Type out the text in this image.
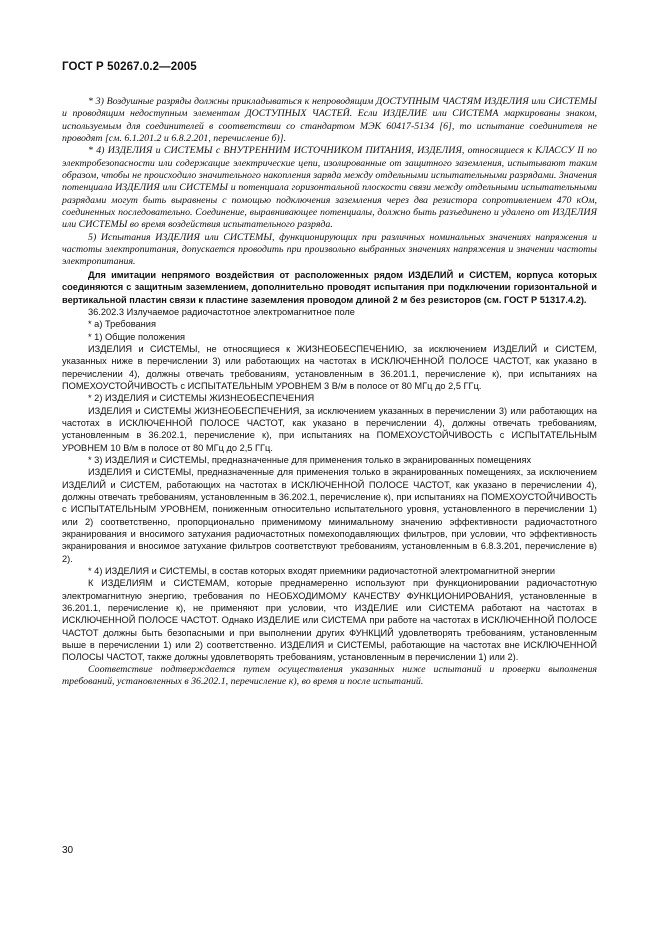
ГОСТ Р 50267.0.2—2005

* 3) Воздушные разряды должны прикладываться к непроводящим ДОСТУПНЫМ ЧАСТЯМ ИЗДЕЛИЯ или СИСТЕМЫ и проводящим недоступным элементам ДОСТУПНЫХ ЧАСТЕЙ. Если ИЗДЕЛИЕ или СИСТЕМА маркированы знаком, используемым для соединителей в соответствии со стандартом МЭК 60417-5134 [6], то испытание соединителя не проводят [см. 6.1.201.2 и 6.8.2.201, перечисление б)].

* 4) ИЗДЕЛИЯ и СИСТЕМЫ с ВНУТРЕННИМ ИСТОЧНИКОМ ПИТАНИЯ, ИЗДЕЛИЯ, относящиеся к КЛАССУ II по электробезопасности или содержащие электрические цепи, изолированные от защитного заземления, испытывают таким образом, чтобы не происходило значительного накопления заряда между отдельными испытательными разрядами. Значения потенциала ИЗДЕЛИЯ или СИСТЕМЫ и потенциала горизонтальной плоскости связи между отдельными испытательными разрядами могут быть выравнены с помощью подключения заземления через два резистора сопротивлением 470 кОм, соединенных последовательно. Соединение, выравнивающее потенциалы, должно быть разъединено и удалено от ИЗДЕЛИЯ или СИСТЕМЫ во время воздействия испытательного разряда.

5) Испытания ИЗДЕЛИЯ или СИСТЕМЫ, функционирующих при различных номинальных значениях напряжения и частоты электропитания, допускается проводить при произвольно выбранных значениях напряжения и значении частоты электропитания.

Для имитации непрямого воздействия от расположенных рядом ИЗДЕЛИЙ и СИСТЕМ, корпуса которых соединяются с защитным заземлением, дополнительно проводят испытания при подключении горизонтальной и вертикальной пластин связи к пластине заземления проводом длиной 2 м без резисторов (см. ГОСТ Р 51317.4.2).

36.202.3 Излучаемое радиочастотное электромагнитное поле

* а) Требования

* 1) Общие положения

ИЗДЕЛИЯ и СИСТЕМЫ, не относящиеся к ЖИЗНЕОБЕСПЕЧЕНИЮ, за исключением ИЗДЕЛИЙ и СИСТЕМ, указанных ниже в перечислении 3) или работающих на частотах в ИСКЛЮЧЕННОЙ ПОЛОСЕ ЧАСТОТ, как указано в перечислении 4), должны отвечать требованиям, установленным в 36.201.1, перечисление к), при испытаниях на ПОМЕХОУСТОЙЧИВОСТЬ с ИСПЫТАТЕЛЬНЫМ УРОВНЕМ 3 В/м в полосе от 80 МГц до 2,5 ГГц.

* 2) ИЗДЕЛИЯ и СИСТЕМЫ ЖИЗНЕОБЕСПЕЧЕНИЯ

ИЗДЕЛИЯ и СИСТЕМЫ ЖИЗНЕОБЕСПЕЧЕНИЯ, за исключением указанных в перечислении 3) или работающих на частотах в ИСКЛЮЧЕННОЙ ПОЛОСЕ ЧАСТОТ, как указано в перечислении 4), должны отвечать требованиям, установленным в 36.202.1, перечисление к), при испытаниях на ПОМЕХОУСТОЙЧИВОСТЬ с ИСПЫТАТЕЛЬНЫМ УРОВНЕМ 10 В/м в полосе от 80 МГц до 2,5 ГГц.

* 3) ИЗДЕЛИЯ и СИСТЕМЫ, предназначенные для применения только в экранированных помещениях

ИЗДЕЛИЯ и СИСТЕМЫ, предназначенные для применения только в экранированных помещениях, за исключением ИЗДЕЛИЙ и СИСТЕМ, работающих на частотах в ИСКЛЮЧЕННОЙ ПОЛОСЕ ЧАСТОТ, как указано в перечислении 4), должны отвечать требованиям, установленным в 36.202.1, перечисление к), при испытаниях на ПОМЕХОУСТОЙЧИВОСТЬ с ИСПЫТАТЕЛЬНЫМ УРОВНЕМ, пониженным относительно испытательного уровня, установленного в перечислении 1) или 2) соответственно, пропорционально применимому минимальному значению эффективности радиочастотного экранирования и вносимого затухания радиочастотных помехоподавляющих фильтров, при условии, что эффективность экранирования и вносимое затухание фильтров соответствуют требованиям, установленным в 6.8.3.201, перечисление в) 2).

* 4) ИЗДЕЛИЯ и СИСТЕМЫ, в состав которых входят приемники радиочастотной электромагнитной энергии

К ИЗДЕЛИЯМ и СИСТЕМАМ, которые преднамеренно используют при функционировании радиочастотную электромагнитную энергию, требования по НЕОБХОДИМОМУ КАЧЕСТВУ ФУНКЦИОНИРОВАНИЯ, установленные в 36.201.1, перечисление к), не применяют при условии, что ИЗДЕЛИЕ или СИСТЕМА работают на частотах в ИСКЛЮЧЕННОЙ ПОЛОСЕ ЧАСТОТ. Однако ИЗДЕЛИЕ или СИСТЕМА при работе на частотах в ИСКЛЮЧЕННОЙ ПОЛОСЕ ЧАСТОТ должны быть безопасными и при выполнении других ФУНКЦИЙ удовлетворять требованиям, установленным выше в перечислении 1) или 2) соответственно. ИЗДЕЛИЯ и СИСТЕМЫ, работающие на частотах вне ИСКЛЮЧЕННОЙ ПОЛОСЫ ЧАСТОТ, также должны удовлетворять требованиям, установленным в перечислении 1) или 2).

Соответствие подтверждается путем осуществления указанных ниже испытаний и проверки выполнения требований, установленных в 36.202.1, перечисление к), во время и после испытаний.

30
